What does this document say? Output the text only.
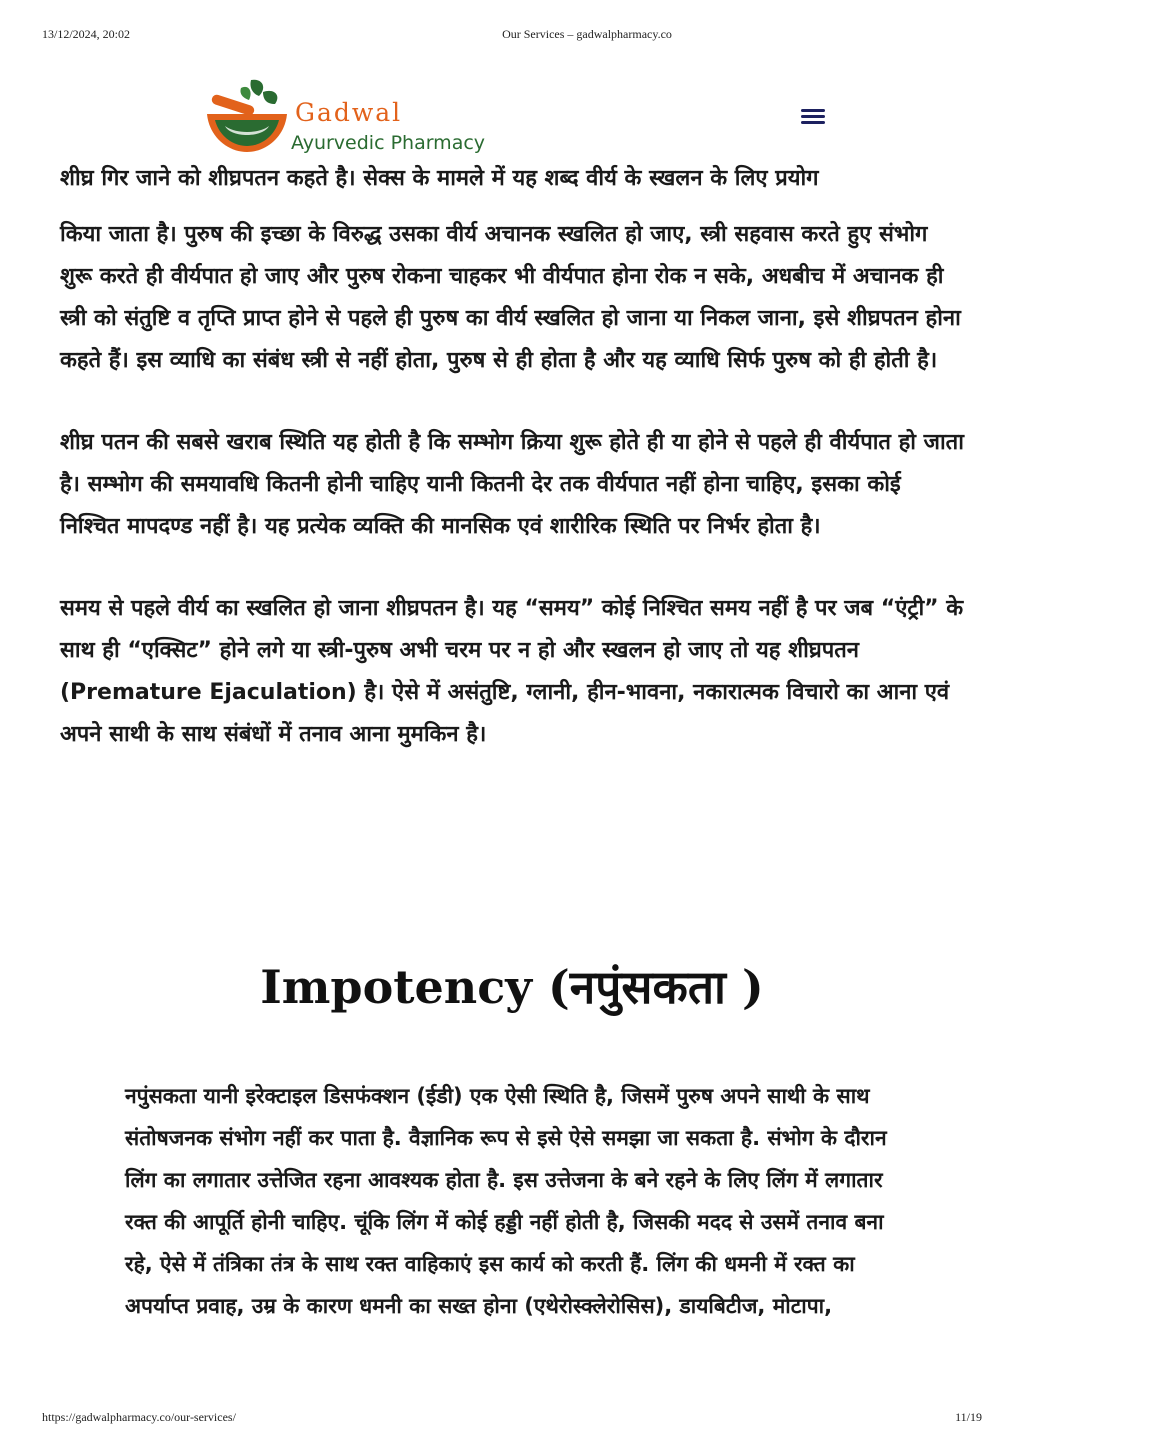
13/12/2024, 20:02	Our Services – gadwalpharmacy.co
Gadwal
Ayurvedic Pharmacy
शीघ्र गिर जाने को शीघ्रपतन कहते है। सेक्स के मामले में यह शब्द वीर्य के स्खलन के लिए प्रयोग

किया जाता है। पुरुष की इच्छा के विरुद्ध उसका वीर्य अचानक स्खलित हो जाए, स्त्री सहवास करते हुए संभोग शुरू करते ही वीर्यपात हो जाए और पुरुष रोकना चाहकर भी वीर्यपात होना रोक न सके, अधबीच में अचानक ही स्त्री को संतुष्टि व तृप्ति प्राप्त होने से पहले ही पुरुष का वीर्य स्खलित हो जाना या निकल जाना, इसे शीघ्रपतन होना कहते हैं। इस व्याधि का संबंध स्त्री से नहीं होता, पुरुष से ही होता है और यह व्याधि सिर्फ पुरुष को ही होती है।

शीघ्र पतन की सबसे खराब स्थिति यह होती है कि सम्भोग क्रिया शुरू होते ही या होने से पहले ही वीर्यपात हो जाता है। सम्भोग की समयावधि कितनी होनी चाहिए यानी कितनी देर तक वीर्यपात नहीं होना चाहिए, इसका कोई निश्चित मापदण्ड नहीं है। यह प्रत्येक व्यक्ति की मानसिक एवं शारीरिक स्थिति पर निर्भर होता है।

समय से पहले वीर्य का स्खलित हो जाना शीघ्रपतन है। यह “समय” कोई निश्चित समय नहीं है पर जब “एंट्री” के साथ ही “एक्सिट” होने लगे या स्त्री-पुरुष अभी चरम पर न हो और स्खलन हो जाए तो यह शीघ्रपतन (Premature Ejaculation) है। ऐसे में असंतुष्टि, ग्लानी, हीन-भावना, नकारात्मक विचारो का आना एवं अपने साथी के साथ संबंधों में तनाव आना मुमकिन है।

Impotency (नपुंसकता )

नपुंसकता यानी इरेक्टाइल डिसफंक्शन (ईडी) एक ऐसी स्थिति है, जिसमें पुरुष अपने साथी के साथ संतोषजनक संभोग नहीं कर पाता है. वैज्ञानिक रूप से इसे ऐसे समझा जा सकता है. संभोग के दौरान लिंग का लगातार उत्तेजित रहना आवश्यक होता है. इस उत्तेजना के बने रहने के लिए लिंग में लगातार रक्त की आपूर्ति होनी चाहिए. चूंकि लिंग में कोई हड्डी नहीं होती है, जिसकी मदद से उसमें तनाव बना रहे, ऐसे में तंत्रिका तंत्र के साथ रक्त वाहिकाएं इस कार्य को करती हैं. लिंग की धमनी में रक्त का अपर्याप्त प्रवाह, उम्र के कारण धमनी का सख्त होना (एथेरोस्क्लेरोसिस), डायबिटीज, मोटापा,

https://gadwalpharmacy.co/our-services/	11/19
